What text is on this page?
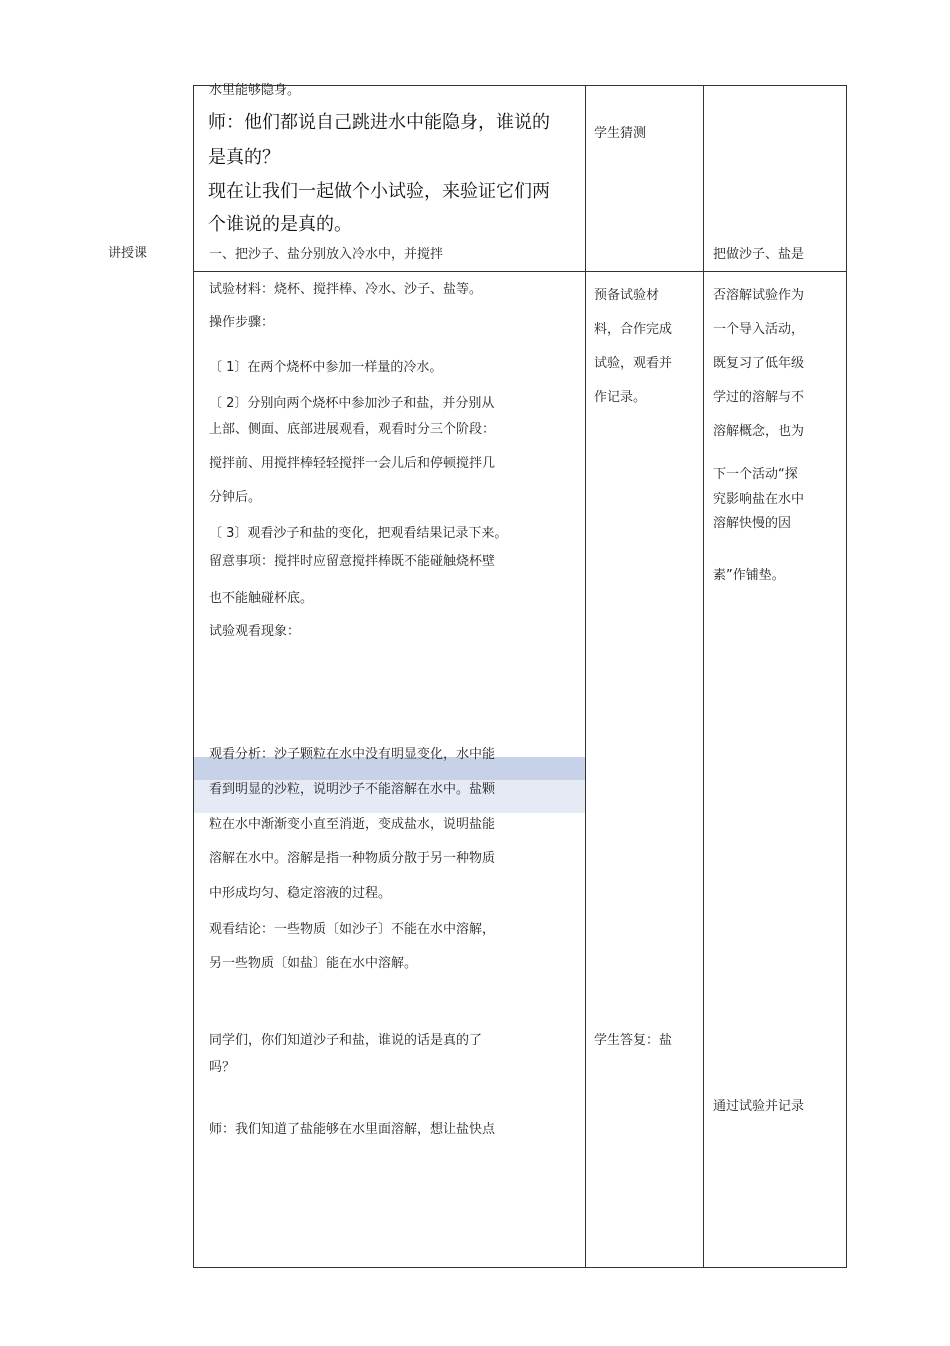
讲授课
水里能够隐身。
师：他们都说自己跳进水中能隐身，谁说的
是真的？
现在让我们一起做个小试验，来验证它们两
个谁说的是真的。
一、把沙子、盐分别放入冷水中，并搅拌
学生猜测
把做沙子、盐是
试验材料：烧杯、搅拌棒、冷水、沙子、盐等。
操作步骤：
〔 1〕在两个烧杯中参加一样量的冷水。
〔 2〕分别向两个烧杯中参加沙子和盐，并分别从
上部、侧面、底部进展观看，观看时分三个阶段：
搅拌前、用搅拌棒轻轻搅拌一会儿后和停顿搅拌几
分钟后。
〔 3〕观看沙子和盐的变化，把观看结果记录下来。
留意事项：搅拌时应留意搅拌棒既不能碰触烧杯壁
也不能触碰杯底。
试验观看现象：
观看分析：沙子颗粒在水中没有明显变化，水中能
看到明显的沙粒，说明沙子不能溶解在水中。盐颗
粒在水中渐渐变小直至消逝，变成盐水，说明盐能
溶解在水中。溶解是指一种物质分散于另一种物质
中形成均匀、稳定溶液的过程。
观看结论：一些物质〔如沙子〕不能在水中溶解，
另一些物质〔如盐〕能在水中溶解。
同学们，你们知道沙子和盐，谁说的话是真的了
吗？
师：我们知道了盐能够在水里面溶解，想让盐快点
预备试验材
料，合作完成
试验，观看并
作记录。
学生答复：盐
否溶解试验作为
一个导入活动，
既复习了低年级
学过的溶解与不
溶解概念，也为
下一个活动“探
究影响盐在水中
溶解快慢的因
素”作铺垫。
通过试验并记录
